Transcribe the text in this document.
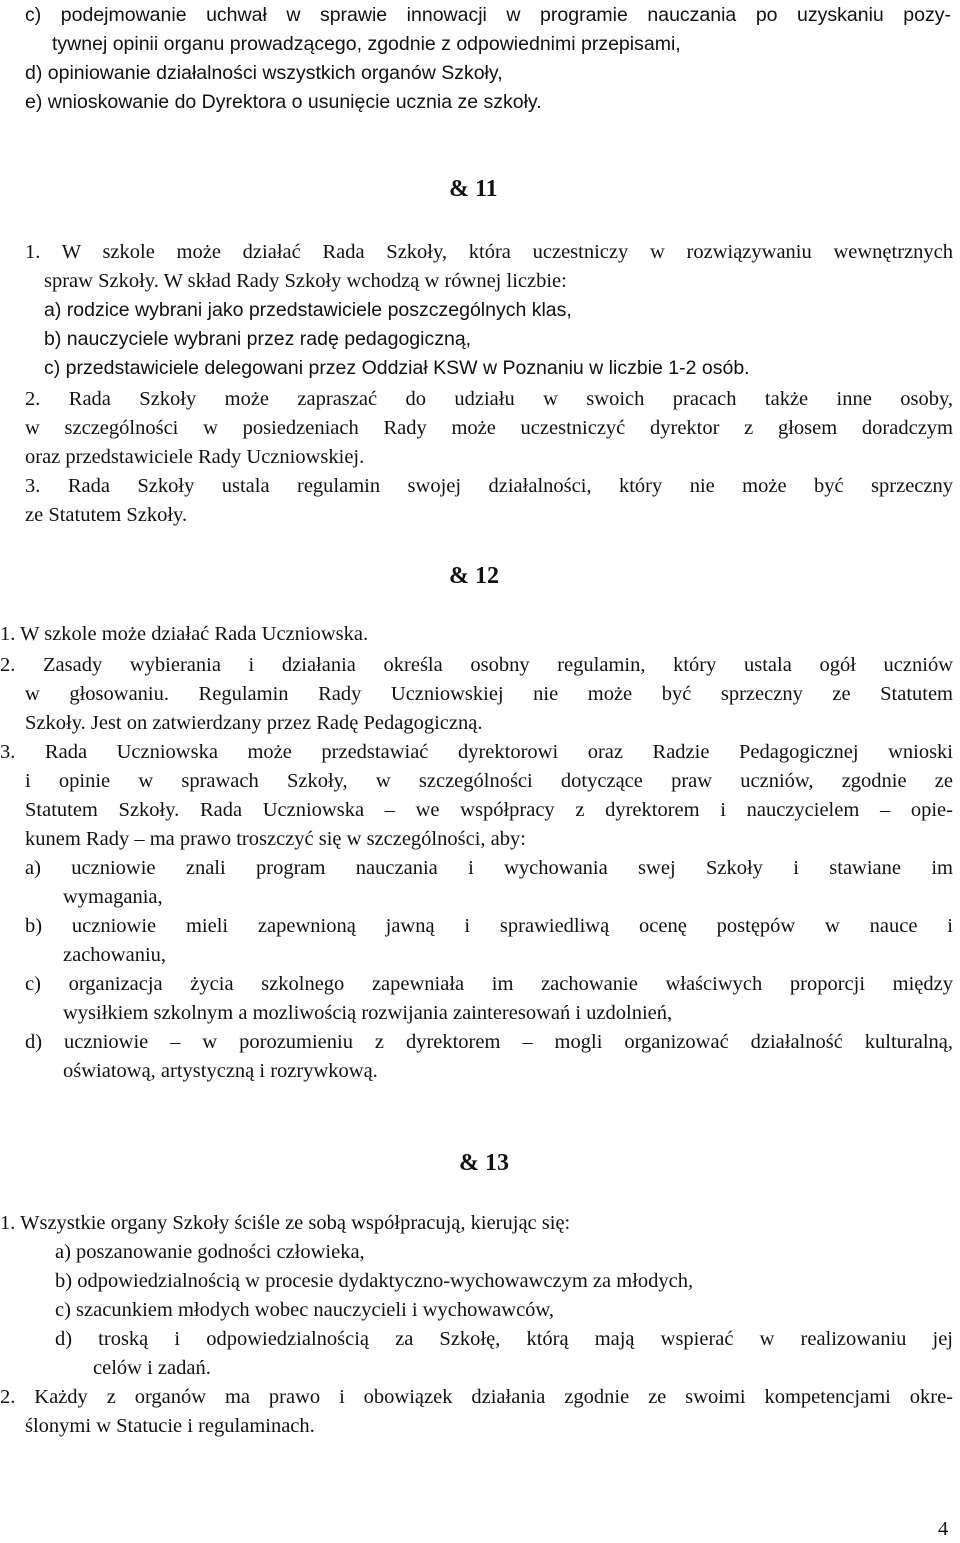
c) podejmowanie uchwał w sprawie innowacji w programie nauczania po uzyskaniu pozy-
tywnej opinii organu prowadzącego, zgodnie z odpowiednimi przepisami,
d) opiniowanie działalności wszystkich organów Szkoły,
e) wnioskowanie do Dyrektora o usunięcie ucznia ze szkoły.
& 11
1. W szkole może działać Rada Szkoły, która uczestniczy w rozwiązywaniu wewnętrznych
spraw Szkoły. W skład Rady Szkoły wchodzą w równej liczbie:
a) rodzice wybrani jako przedstawiciele poszczególnych klas,
b) nauczyciele wybrani przez radę pedagogiczną,
c) przedstawiciele delegowani przez Oddział KSW w Poznaniu w liczbie 1-2 osób.
2. Rada Szkoły może zapraszać do udziału w swoich pracach także inne osoby,
w szczególności w posiedzeniach Rady może uczestniczyć dyrektor z głosem doradczym
oraz przedstawiciele Rady Uczniowskiej.
3. Rada Szkoły ustala regulamin swojej działalności, który nie może być sprzeczny
ze Statutem Szkoły.
& 12
1. W szkole może działać Rada Uczniowska.
2. Zasady wybierania i działania określa osobny regulamin, który ustala ogół uczniów
w głosowaniu. Regulamin Rady Uczniowskiej nie może być sprzeczny ze Statutem
Szkoły. Jest on zatwierdzany przez Radę Pedagogiczną.
3. Rada Uczniowska może przedstawiać dyrektorowi oraz Radzie Pedagogicznej wnioski
i opinie w sprawach Szkoły, w szczególności dotyczące praw uczniów, zgodnie ze
Statutem Szkoły. Rada Uczniowska – we współpracy z dyrektorem i nauczycielem – opie-
kunem Rady – ma prawo troszczyć się w szczególności, aby:
a) uczniowie znali program nauczania i wychowania swej Szkoły i stawiane im
wymagania,
b) uczniowie mieli zapewnioną jawną i sprawiedliwą ocenę postępów w nauce i
zachowaniu,
c) organizacja życia szkolnego zapewniała im zachowanie właściwych proporcji między
wysiłkiem szkolnym a mozliwością rozwijania zainteresowań i uzdolnień,
d) uczniowie – w porozumieniu z dyrektorem – mogli organizować działalność kulturalną,
oświatową, artystyczną i rozrywkową.
& 13
1. Wszystkie organy Szkoły ściśle ze sobą współpracują, kierując się:
a) poszanowanie godności człowieka,
b) odpowiedzialnością w procesie dydaktyczno-wychowawczym za młodych,
c) szacunkiem młodych wobec nauczycieli i wychowawców,
d) troską i odpowiedzialnością za Szkołę, którą mają wspierać w realizowaniu jej
celów i zadań.
2. Każdy z organów ma prawo i obowiązek działania zgodnie ze swoimi kompetencjami okre-
ślonymi w Statucie i regulaminach.
4
